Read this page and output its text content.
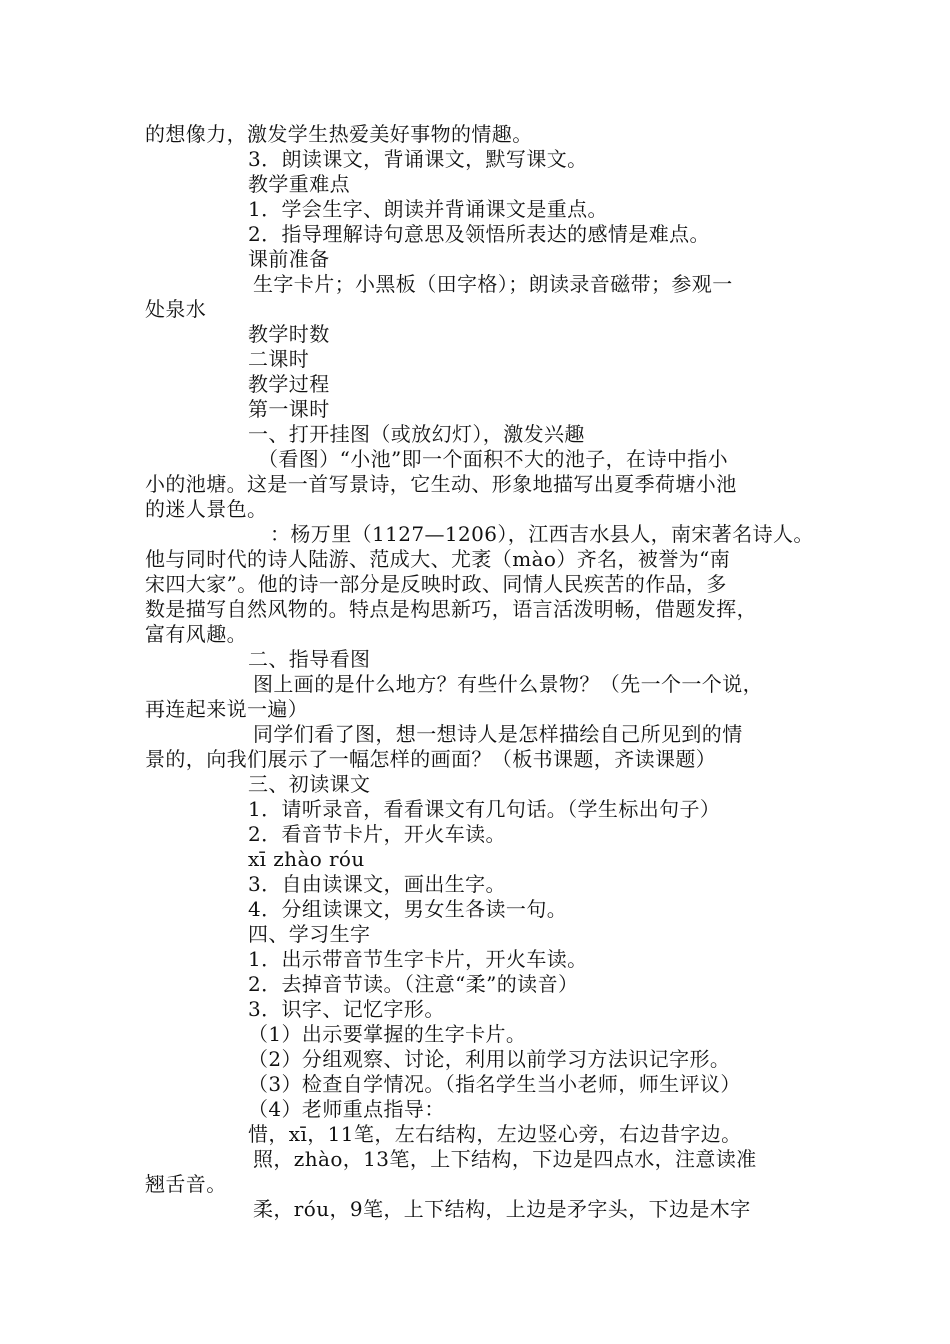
的想像力，激发学生热爱美好事物的情趣。
3．朗读课文，背诵课文，默写课文。
教学重难点
1．学会生字、朗读并背诵课文是重点。
2．指导理解诗句意思及领悟所表达的感情是难点。
课前准备
生字卡片；小黑板（田字格）；朗读录音磁带；参观一
处泉水
教学时数
二课时
教学过程
第一课时
一、打开挂图（或放幻灯），激发兴趣
（看图）“小池”即一个面积不大的池子，在诗中指小
小的池塘。这是一首写景诗，它生动、形象地描写出夏季荷塘小池
的迷人景色。
：杨万里（1127—1206），江西吉水县人，南宋著名诗人。
他与同时代的诗人陆游、范成大、尤袤（mào）齐名，被誉为“南
宋四大家”。他的诗一部分是反映时政、同情人民疾苦的作品，多
数是描写自然风物的。特点是构思新巧，语言活泼明畅，借题发挥，
富有风趣。
二、指导看图
图上画的是什么地方？有些什么景物？（先一个一个说，
再连起来说一遍）
同学们看了图，想一想诗人是怎样描绘自己所见到的情
景的，向我们展示了一幅怎样的画面？（板书课题，齐读课题）
三、初读课文
1．请听录音，看看课文有几句话。（学生标出句子）
2．看音节卡片，开火车读。
xī zhào róu
3．自由读课文，画出生字。
4．分组读课文，男女生各读一句。
四、学习生字
1．出示带音节生字卡片，开火车读。
2．去掉音节读。（注意“柔”的读音）
3．识字、记忆字形。
（1）出示要掌握的生字卡片。
（2）分组观察、讨论，利用以前学习方法识记字形。
（3）检查自学情况。（指名学生当小老师，师生评议）
（4）老师重点指导：
惜，xī，11笔，左右结构，左边竖心旁，右边昔字边。
照，zhào，13笔，上下结构，下边是四点水，注意读准
翘舌音。
柔，róu，9笔，上下结构，上边是矛字头，下边是木字
